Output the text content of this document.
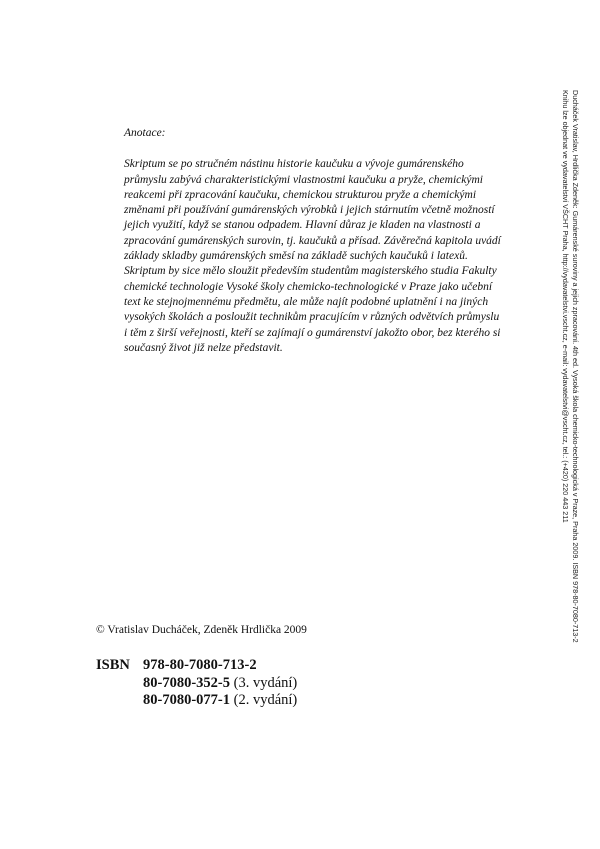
Ducháček Vratislav, Hrdlička Zdeněk: Gumárenské suroviny a jejich zpracování. 4th ed. Vysoká škola chemicko-technologická v Praze, Praha 2009. ISBN 978-80-7080-713-2
Knihu lze objednat ve vydavatelství VŠCHT Praha, http://vydavatelstvi.vscht.cz, e-mail: vydavatelstvi@vscht.cz, tel.: (+420) 220 443 211
Anotace:
Skriptum se po stručném nástinu historie kaučuku a vývoje gumárenského
průmyslu zabývá charakteristickými vlastnostmi kaučuku a pryže, chemickými
reakcemi při zpracování kaučuku, chemickou strukturou pryže a chemickými
změnami při používání gumárenských výrobků i jejich stárnutím včetně možností
jejich využití, když se stanou odpadem. Hlavní důraz je kladen na vlastnosti a
zpracování gumárenských surovin, tj. kaučuků a přísad. Závěrečná kapitola uvádí
základy skladby gumárenských směsí na základě suchých kaučuků i latexů.
Skriptum by sice mělo sloužit především studentům magisterského studia Fakulty
chemické technologie Vysoké školy chemicko-technologické v Praze jako učební
text ke stejnojmennému předmětu, ale může najít podobné uplatnění i na jiných
vysokých školách a posloužit technikům pracujícím v různých odvětvích průmyslu
i těm z širší veřejnosti, kteří se zajímají o gumárenství jakožto obor, bez kterého si
současný život již nelze představit.
© Vratislav Ducháček, Zdeněk Hrdlička 2009
ISBN 978-80-7080-713-2
80-7080-352-5 (3. vydání)
80-7080-077-1 (2. vydání)
